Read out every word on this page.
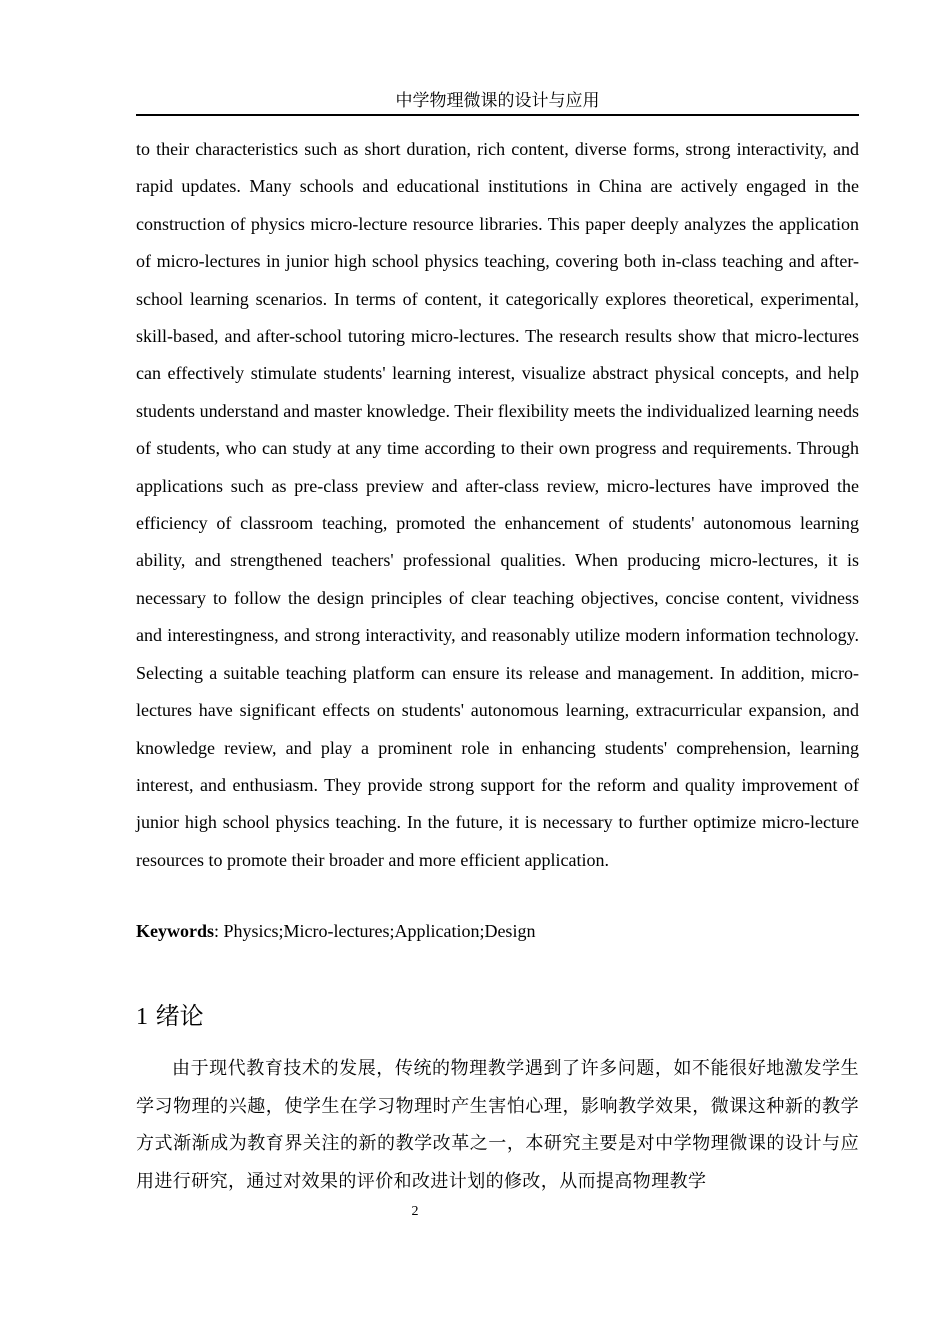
中学物理微课的设计与应用

to their characteristics such as short duration, rich content, diverse forms, strong interactivity, and rapid updates. Many schools and educational institutions in China are actively engaged in the construction of physics micro-lecture resource libraries. This paper deeply analyzes the application of micro-lectures in junior high school physics teaching, covering both in-class teaching and after-school learning scenarios. In terms of content, it categorically explores theoretical, experimental, skill-based, and after-school tutoring micro-lectures. The research results show that micro-lectures can effectively stimulate students' learning interest, visualize abstract physical concepts, and help students understand and master knowledge. Their flexibility meets the individualized learning needs of students, who can study at any time according to their own progress and requirements. Through applications such as pre-class preview and after-class review, micro-lectures have improved the efficiency of classroom teaching, promoted the enhancement of students' autonomous learning ability, and strengthened teachers' professional qualities. When producing micro-lectures, it is necessary to follow the design principles of clear teaching objectives, concise content, vividness and interestingness, and strong interactivity, and reasonably utilize modern information technology. Selecting a suitable teaching platform can ensure its release and management. In addition, micro-lectures have significant effects on students' autonomous learning, extracurricular expansion, and knowledge review, and play a prominent role in enhancing students' comprehension, learning interest, and enthusiasm. They provide strong support for the reform and quality improvement of junior high school physics teaching. In the future, it is necessary to further optimize micro-lecture resources to promote their broader and more efficient application.

Keywords: Physics;Micro-lectures;Application;Design

1 绪论

由于现代教育技术的发展，传统的物理教学遇到了许多问题，如不能很好地激发学生学习物理的兴趣，使学生在学习物理时产生害怕心理，影响教学效果，微课这种新的教学方式渐渐成为教育界关注的新的教学改革之一，本研究主要是对中学物理微课的设计与应用进行研究，通过对效果的评价和改进计划的修改，从而提高物理教学

2
